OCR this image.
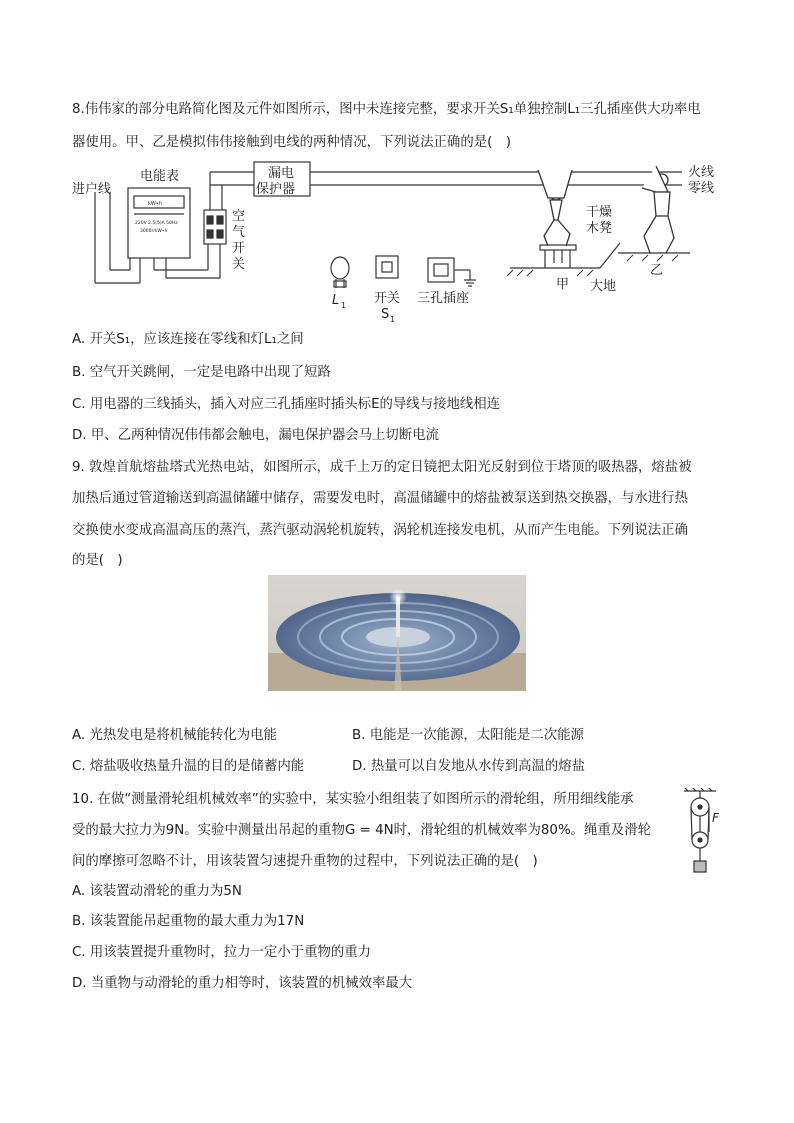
8.伟伟家的部分电路简化图及元件如图所示，图中未连接完整，要求开关S₁单独控制L₁三孔插座供大功率电
器使用。甲、乙是模拟伟伟接触到电线的两种情况，下列说法正确的是(　)
进户线
电能表
kW•h
220V 2.5(5)A 50Hz
3000r/kW•h
漏电
保护器
空
气
开
关
火线
零线
干燥
木凳
L 1 开关
S 1
三孔插座
甲 大地
乙
A. 开关S₁，应该连接在零线和灯L₁之间
B. 空气开关跳闸，一定是电路中出现了短路
C. 用电器的三线插头，插入对应三孔插座时插头标E的导线与接地线相连
D. 甲、乙两种情况伟伟都会触电，漏电保护器会马上切断电流
9. 敦煌首航熔盐塔式光热电站，如图所示，成千上万的定日镜把太阳光反射到位于塔顶的吸热器，熔盐被
加热后通过管道输送到高温储罐中储存，需要发电时，高温储罐中的熔盐被泵送到热交换器，与水进行热
交换使水变成高温高压的蒸汽，蒸汽驱动涡轮机旋转，涡轮机连接发电机，从而产生电能。下列说法正确
的是(　)
A. 光热发电是将机械能转化为电能	B. 电能是一次能源，太阳能是二次能源
C. 熔盐吸收热量升温的目的是储蓄内能	D. 热量可以自发地从水传到高温的熔盐
10. 在做“测量滑轮组机械效率”的实验中，某实验小组组装了如图所示的滑轮组，所用细线能承
受的最大拉力为9N。实验中测量出吊起的重物G = 4N时，滑轮组的机械效率为80%。绳重及滑轮
间的摩擦可忽略不计，用该装置匀速提升重物的过程中，下列说法正确的是(　)
A. 该装置动滑轮的重力为5N
B. 该装置能吊起重物的最大重力为17N
C. 用该装置提升重物时，拉力一定小于重物的重力
D. 当重物与动滑轮的重力相等时，该装置的机械效率最大
F
